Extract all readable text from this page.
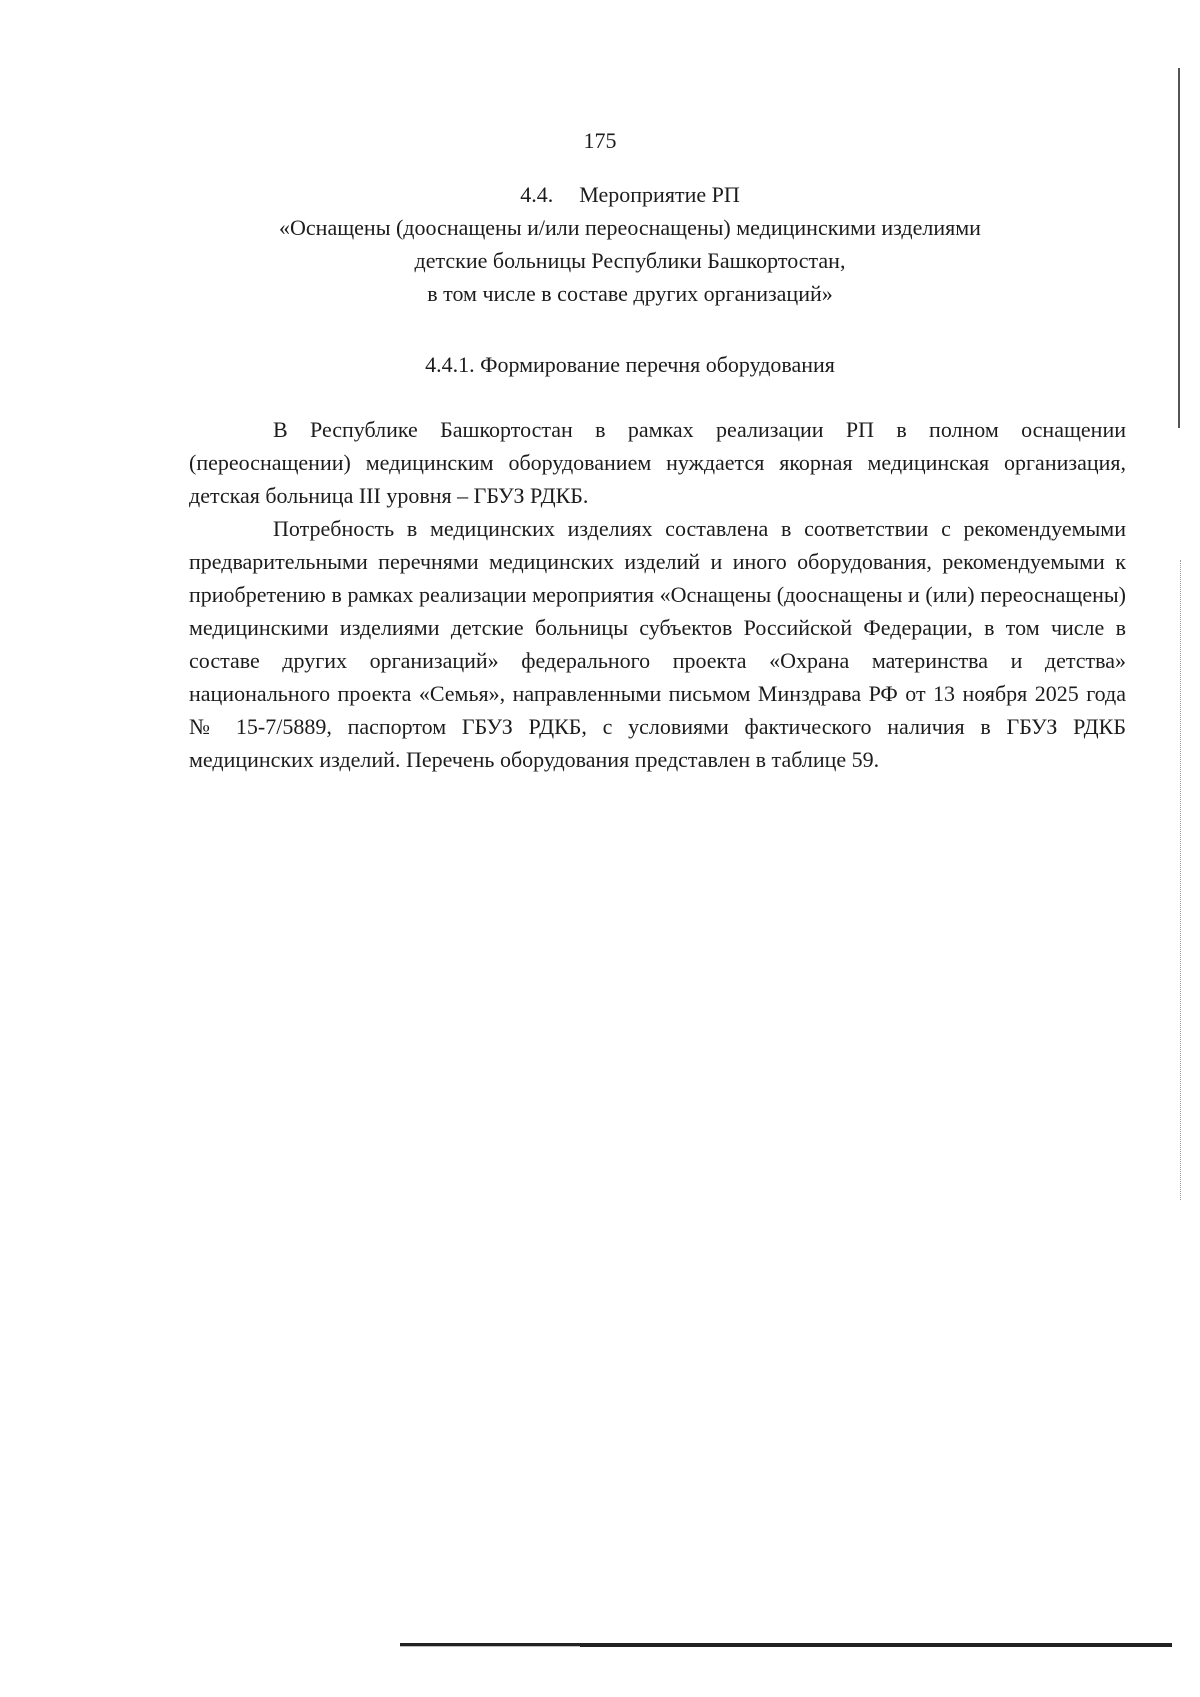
175
4.4. Мероприятие РП
«Оснащены (дооснащены и/или переоснащены) медицинскими изделиями
детские больницы Республики Башкортостан,
в том числе в составе других организаций»
4.4.1. Формирование перечня оборудования

В Республике Башкортостан в рамках реализации РП в полном оснащении (переоснащении) медицинским оборудованием нуждается якорная медицинская организация, детская больница III уровня – ГБУЗ РДКБ.

Потребность в медицинских изделиях составлена в соответствии с рекомендуемыми предварительными перечнями медицинских изделий и иного оборудования, рекомендуемыми к приобретению в рамках реализации мероприятия «Оснащены (дооснащены и (или) переоснащены) медицинскими изделиями детские больницы субъектов Российской Федерации, в том числе в составе других организаций» федерального проекта «Охрана материнства и детства» национального проекта «Семья», направленными письмом Минздрава РФ от 13 ноября 2025 года № 15-7/5889, паспортом ГБУЗ РДКБ, с условиями фактического наличия в ГБУЗ РДКБ медицинских изделий. Перечень оборудования представлен в таблице 59.
